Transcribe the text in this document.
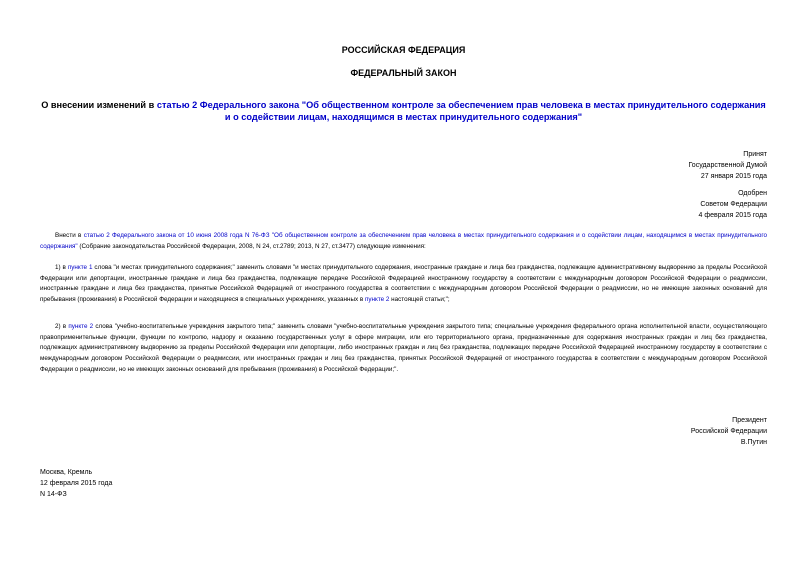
РОССИЙСКАЯ ФЕДЕРАЦИЯ

ФЕДЕРАЛЬНЫЙ ЗАКОН

О внесении изменений в статью 2 Федерального закона "Об общественном контроле за обеспечением прав человека в местах принудительного содержания и о содействии лицам, находящимся в местах принудительного содержания"

Принят
Государственной Думой
27 января 2015 года
Одобрен
Советом Федерации
4 февраля 2015 года

Внести в статью 2 Федерального закона от 10 июня 2008 года N 76-ФЗ "Об общественном контроле за обеспечением прав человека в местах принудительного содержания и о содействии лицам, находящимся в местах принудительного содержания" (Собрание законодательства Российской Федерации, 2008, N 24, ст.2789; 2013, N 27, ст.3477) следующие изменения:

1) в пункте 1 слова "и местах принудительного содержания;" заменить словами "и местах принудительного содержания, иностранные граждане и лица без гражданства, подлежащие административному выдворению за пределы Российской Федерации или депортации, иностранные граждане и лица без гражданства, подлежащие передаче Российской Федерацией иностранному государству в соответствии с международным договором Российской Федерации о реадмиссии, иностранные граждане и лица без гражданства, принятые Российской Федерацией от иностранного государства в соответствии с международным договором Российской Федерации о реадмиссии, но не имеющие законных оснований для пребывания (проживания) в Российской Федерации и находящиеся в специальных учреждениях, указанных в пункте 2 настоящей статьи;";

2) в пункте 2 слова "учебно-воспитательные учреждения закрытого типа;" заменить словами "учебно-воспитательные учреждения закрытого типа; специальные учреждения федерального органа исполнительной власти, осуществляющего правоприменительные функции, функции по контролю, надзору и оказанию государственных услуг в сфере миграции, или его территориального органа, предназначенные для содержания иностранных граждан и лиц без гражданства, подлежащих административному выдворению за пределы Российской Федерации или депортации, либо иностранных граждан и лиц без гражданства, подлежащих передаче Российской Федерацией иностранному государству в соответствии с международным договором Российской Федерации о реадмиссии, или иностранных граждан и лиц без гражданства, принятых Российской Федерацией от иностранного государства в соответствии с международным договором Российской Федерации о реадмиссии, но не имеющих законных оснований для пребывания (проживания) в Российской Федерации;".

Президент
Российской Федерации
В.Путин
Москва, Кремль
12 февраля 2015 года
N 14-ФЗ
